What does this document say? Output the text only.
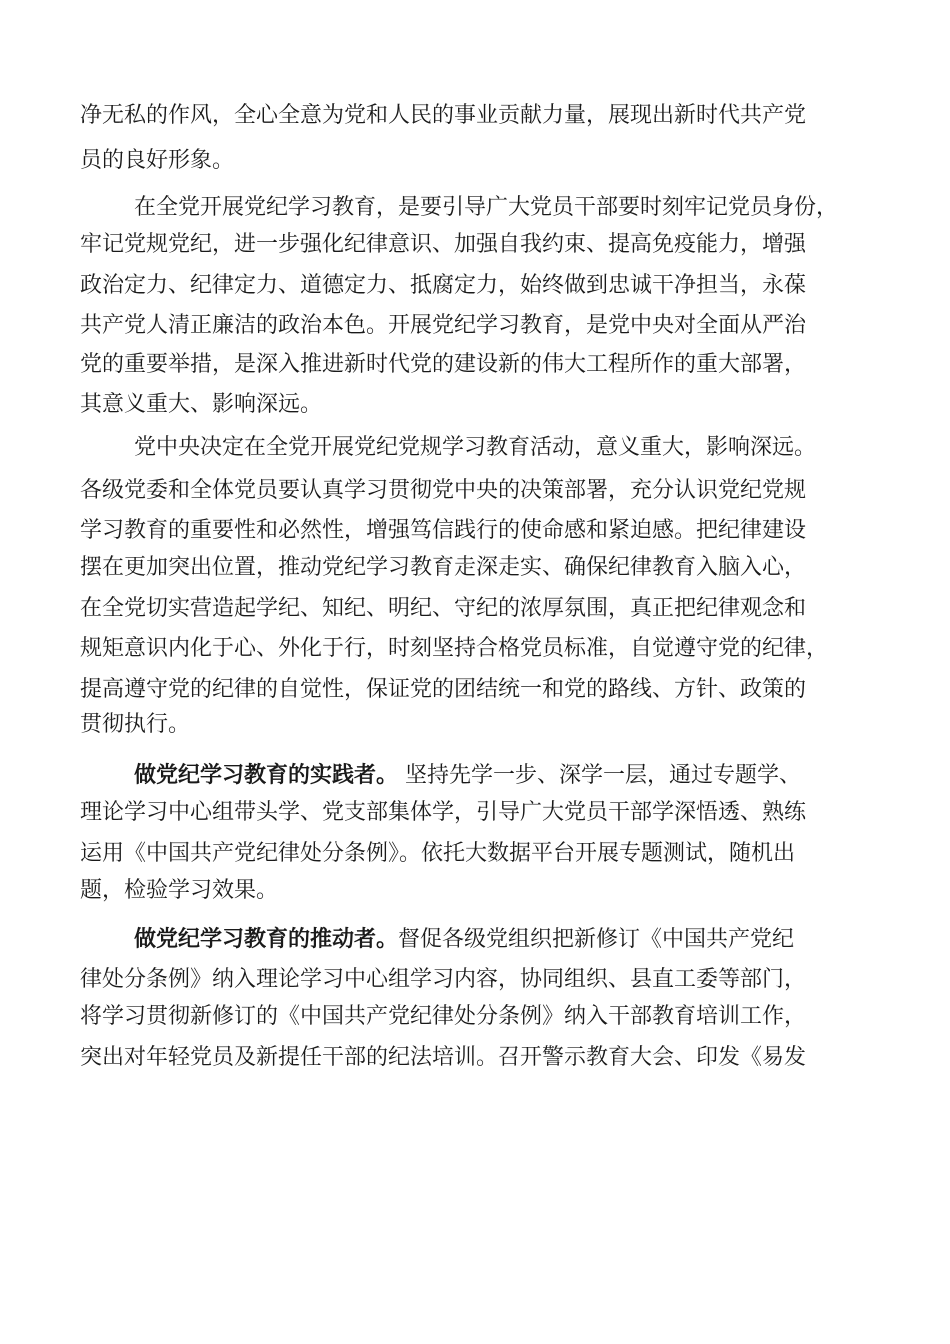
净无私的作风，全心全意为党和人民的事业贡献力量，展现出新时代共产党
员的良好形象。
在全党开展党纪学习教育，是要引导广大党员干部要时刻牢记党员身份，
牢记党规党纪，进一步强化纪律意识、加强自我约束、提高免疫能力，增强
政治定力、纪律定力、道德定力、抵腐定力，始终做到忠诚干净担当，永葆
共产党人清正廉洁的政治本色。开展党纪学习教育，是党中央对全面从严治
党的重要举措，是深入推进新时代党的建设新的伟大工程所作的重大部署，
其意义重大、影响深远。
党中央决定在全党开展党纪党规学习教育活动，意义重大，影响深远。
各级党委和全体党员要认真学习贯彻党中央的决策部署，充分认识党纪党规
学习教育的重要性和必然性，增强笃信践行的使命感和紧迫感。把纪律建设
摆在更加突出位置，推动党纪学习教育走深走实、确保纪律教育入脑入心，
在全党切实营造起学纪、知纪、明纪、守纪的浓厚氛围，真正把纪律观念和
规矩意识内化于心、外化于行，时刻坚持合格党员标准，自觉遵守党的纪律，
提高遵守党的纪律的自觉性，保证党的团结统一和党的路线、方针、政策的
贯彻执行。
做党纪学习教育的实践者。 坚持先学一步、深学一层，通过专题学、
理论学习中心组带头学、党支部集体学，引导广大党员干部学深悟透、熟练
运用《中国共产党纪律处分条例》。依托大数据平台开展专题测试，随机出
题，检验学习效果。
做党纪学习教育的推动者。督促各级党组织把新修订《中国共产党纪
律处分条例》纳入理论学习中心组学习内容，协同组织、县直工委等部门，
将学习贯彻新修订的《中国共产党纪律处分条例》纳入干部教育培训工作，
突出对年轻党员及新提任干部的纪法培训。召开警示教育大会、印发《易发
